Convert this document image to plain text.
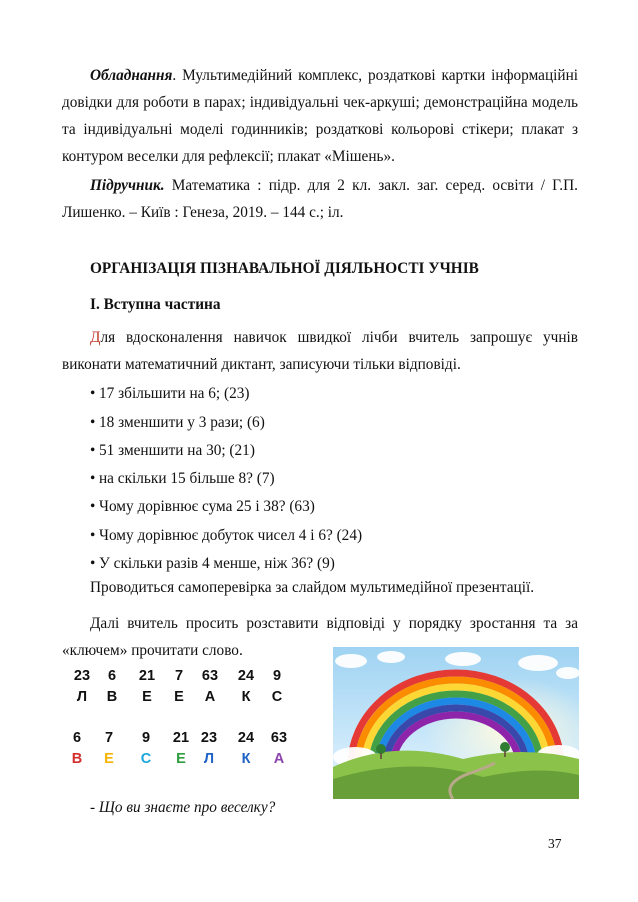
Обладнання. Мультимедійний комплекс, роздаткові картки інформаційні довідки для роботи в парах; індивідуальні чек-аркуші; демонстраційна модель та індивідуальні моделі годинників; роздаткові кольорові стікери; плакат з контуром веселки для рефлексії; плакат «Мішень».

Підручник. Математика : підр. для 2 кл. закл. заг. серед. освіти / Г.П. Лишенко. – Київ : Генеза, 2019. – 144 с.; іл.

ОРГАНІЗАЦІЯ ПІЗНАВАЛЬНОЇ ДІЯЛЬНОСТІ УЧНІВ

І. Вступна частина

Для вдосконалення навичок швидкої лічби вчитель запрошує учнів виконати математичний диктант, записуючи тільки відповіді.

• 17 збільшити на 6; (23)

• 18 зменшити у 3 рази; (6)

• 51 зменшити на 30; (21)

• на скільки 15 більше 8? (7)

• Чому дорівнює сума 25 і 38? (63)

• Чому дорівнює добуток чисел 4 і 6? (24)

• У скільки разів 4 менше, ніж 36? (9)

Проводиться самоперевірка за слайдом мультимедійної презентації.

Далі вчитель просить розставити відповіді у порядку зростання та за «ключем» прочитати слово.

23	6	21	7	63	24	9
Л	В	Е	Е	А	К	С
6	7	9	21 23	24	63
В	Е	С	Е	Л	К	А

- Що ви знаєте про веселку?

37
